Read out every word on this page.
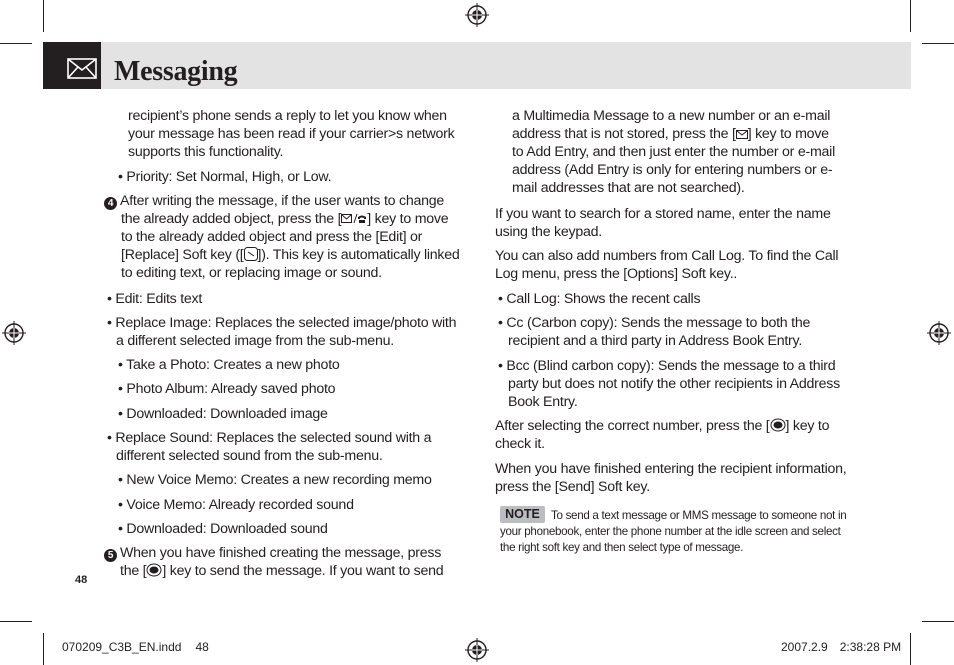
Messaging
recipient’s phone sends a reply to let you know when
your message has been read if your carrier>s network
supports this functionality.
• Priority: Set Normal, High, or Low.
4 After writing the message, if the user wants to change
the already added object, press the [ ] key to move
to the already added object and press the [Edit] or
[Replace] Soft key ([ ]). This key is automatically linked
to editing text, or replacing image or sound.
• Edit: Edits text
• Replace Image: Replaces the selected image/photo with
a different selected image from the sub-menu.
• Take a Photo: Creates a new photo
• Photo Album: Already saved photo
• Downloaded: Downloaded image
• Replace Sound: Replaces the selected sound with a
different selected sound from the sub-menu.
• New Voice Memo: Creates a new recording memo
• Voice Memo: Already recorded sound
• Downloaded: Downloaded sound
5 When you have finished creating the message, press
the [ ] key to send the message. If you want to send
48
a Multimedia Message to a new number or an e-mail
address that is not stored, press the [ ] key to move
to Add Entry, and then just enter the number or e-mail
address (Add Entry is only for entering numbers or e-
mail addresses that are not searched).
If you want to search for a stored name, enter the name
using the keypad.
You can also add numbers from Call Log. To find the Call
Log menu, press the [Options] Soft key..
• Call Log: Shows the recent calls
• Cc (Carbon copy): Sends the message to both the
recipient and a third party in Address Book Entry.
• Bcc (Blind carbon copy): Sends the message to a third
party but does not notify the other recipients in Address
Book Entry.
After selecting the correct number, press the [ ] key to
check it.
When you have finished entering the recipient information,
press the [Send] Soft key.
NOTE To send a text message or MMS message to someone not in
your phonebook, enter the phone number at the idle screen and select
the right soft key and then select type of message.
070209_C3B_EN.indd 48	2007.2.9 2:38:28 PM
